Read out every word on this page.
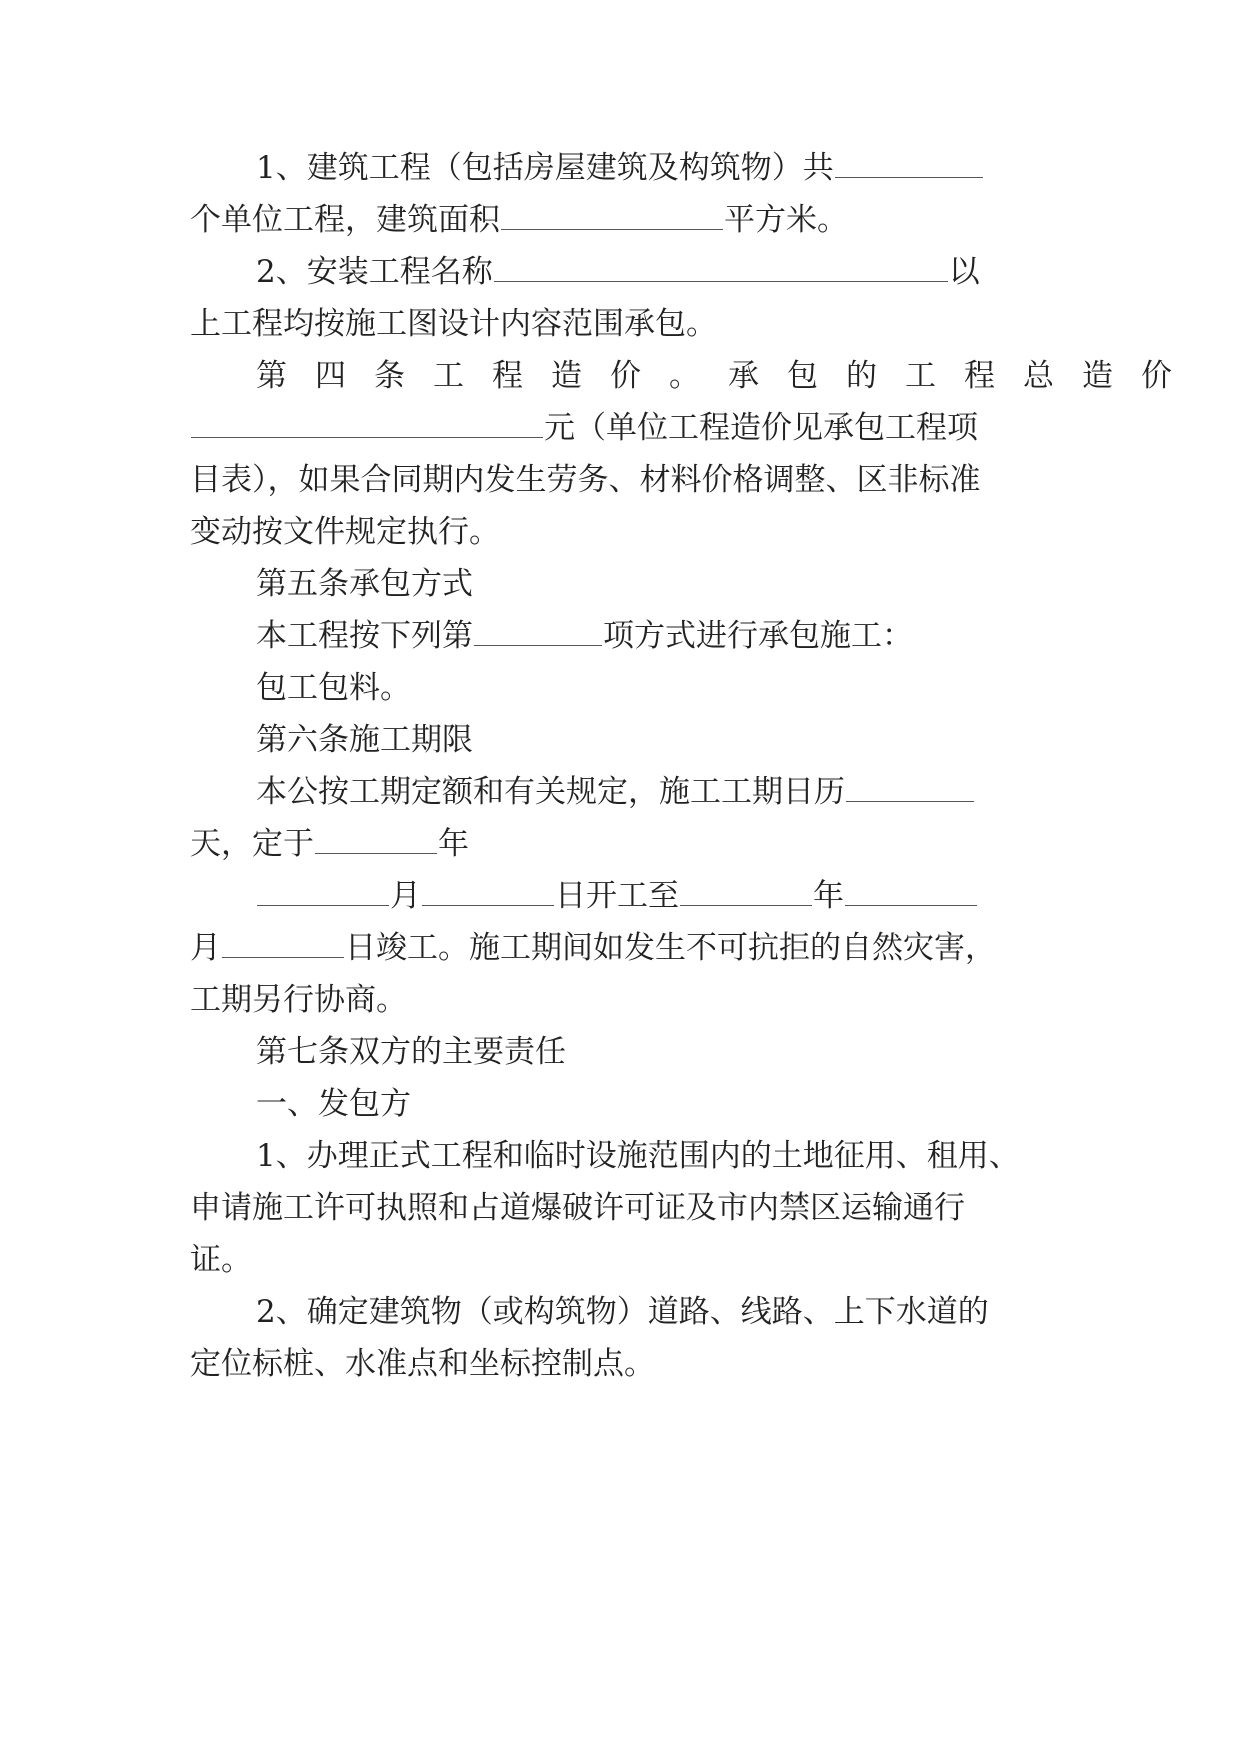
1、建筑工程（包括房屋建筑及构筑物）共
个单位工程，建筑面积	平方米。
2、安装工程名称	以
上工程均按施工图设计内容范围承包。
第四条工程造价。承包的工程总造价
元（单位工程造价见承包工程项
目表），如果合同期内发生劳务、材料价格调整、区非标准
变动按文件规定执行。
第五条承包方式
本工程按下列第	项方式进行承包施工：
包工包料。
第六条施工期限
本公按工期定额和有关规定，施工工期日历
天，定于	年
月	日开工至	年
月	日竣工。施工期间如发生不可抗拒的自然灾害，
工期另行协商。
第七条双方的主要责任
一、发包方
1、办理正式工程和临时设施范围内的土地征用、租用、
申请施工许可执照和占道爆破许可证及市内禁区运输通行
证。
2、确定建筑物（或构筑物）道路、线路、上下水道的
定位标桩、水准点和坐标控制点。
